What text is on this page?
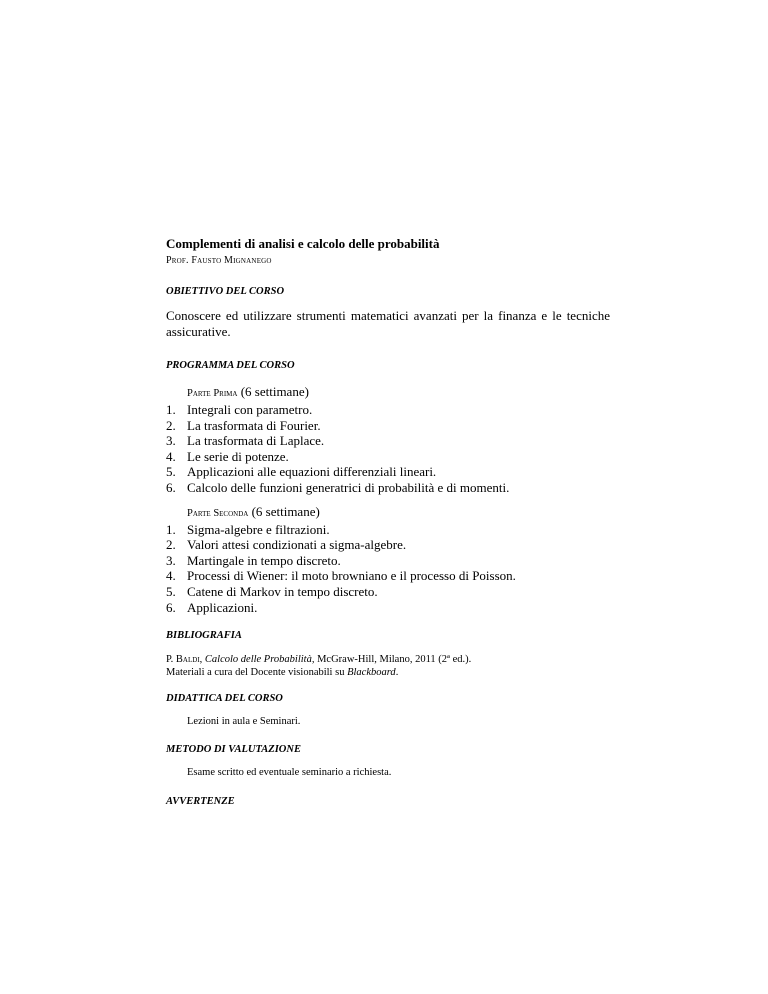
Complementi di analisi e calcolo delle probabilità

Prof. Fausto Mignanego

OBIETTIVO DEL CORSO

Conoscere ed utilizzare strumenti matematici avanzati per la finanza e le tecniche assicurative.

PROGRAMMA DEL CORSO

Parte Prima (6 settimane)

1. Integrali con parametro.
2. La trasformata di Fourier.
3. La trasformata di Laplace.
4. Le serie di potenze.
5. Applicazioni alle equazioni differenziali lineari.
6. Calcolo delle funzioni generatrici di probabilità e di momenti.

Parte Seconda (6 settimane)

1. Sigma-algebre e filtrazioni.
2. Valori attesi condizionati a sigma-algebre.
3. Martingale in tempo discreto.
4. Processi di Wiener: il moto browniano e il processo di Poisson.
5. Catene di Markov in tempo discreto.
6. Applicazioni.

BIBLIOGRAFIA

P. Baldi, Calcolo delle Probabilità, McGraw-Hill, Milano, 2011 (2ª ed.).

Materiali a cura del Docente visionabili su Blackboard.

DIDATTICA DEL CORSO

Lezioni in aula e Seminari.

METODO DI VALUTAZIONE

Esame scritto ed eventuale seminario a richiesta.

AVVERTENZE
